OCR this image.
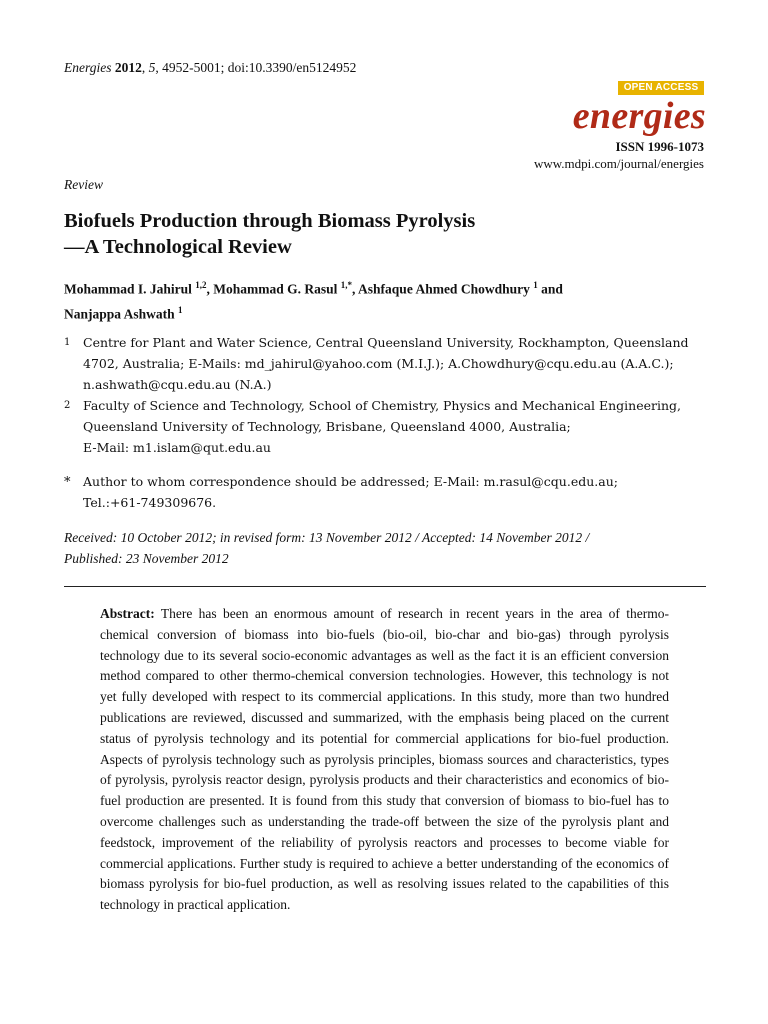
Energies 2012, 5, 4952-5001; doi:10.3390/en5124952
OPEN ACCESS
energies
ISSN 1996-1073
www.mdpi.com/journal/energies
Review
Biofuels Production through Biomass Pyrolysis
—A Technological Review
Mohammad I. Jahirul $^{1,2}$, Mohammad G. Rasul $^{1,*}$, Ashfaque Ahmed Chowdhury $^1$ and
Nanjappa Ashwath $^1$
1 Centre for Plant and Water Science, Central Queensland University, Rockhampton, Queensland
4702, Australia; E-Mails: md_jahirul@yahoo.com (M.I.J.); A.Chowdhury@cqu.edu.au (A.A.C.);
n.ashwath@cqu.edu.au (N.A.)
2 Faculty of Science and Technology, School of Chemistry, Physics and Mechanical Engineering,
Queensland University of Technology, Brisbane, Queensland 4000, Australia;
E-Mail: m1.islam@qut.edu.au
* Author to whom correspondence should be addressed; E-Mail: m.rasul@cqu.edu.au;
Tel.:+61-749309676.
Received: 10 October 2012; in revised form: 13 November 2012 / Accepted: 14 November 2012 /
Published: 23 November 2012
Abstract: There has been an enormous amount of research in recent years in the area of thermo-chemical conversion of biomass into bio-fuels (bio-oil, bio-char and bio-gas) through pyrolysis technology due to its several socio-economic advantages as well as the fact it is an efficient conversion method compared to other thermo-chemical conversion technologies. However, this technology is not yet fully developed with respect to its commercial applications. In this study, more than two hundred publications are reviewed, discussed and summarized, with the emphasis being placed on the current status of pyrolysis technology and its potential for commercial applications for bio-fuel production. Aspects of pyrolysis technology such as pyrolysis principles, biomass sources and characteristics, types of pyrolysis, pyrolysis reactor design, pyrolysis products and their characteristics and economics of bio-fuel production are presented. It is found from this study that conversion of biomass to bio-fuel has to overcome challenges such as understanding the trade-off between the size of the pyrolysis plant and feedstock, improvement of the reliability of pyrolysis reactors and processes to become viable for commercial applications. Further study is required to achieve a better understanding of the economics of biomass pyrolysis for bio-fuel production, as well as resolving issues related to the capabilities of this technology in practical application.
